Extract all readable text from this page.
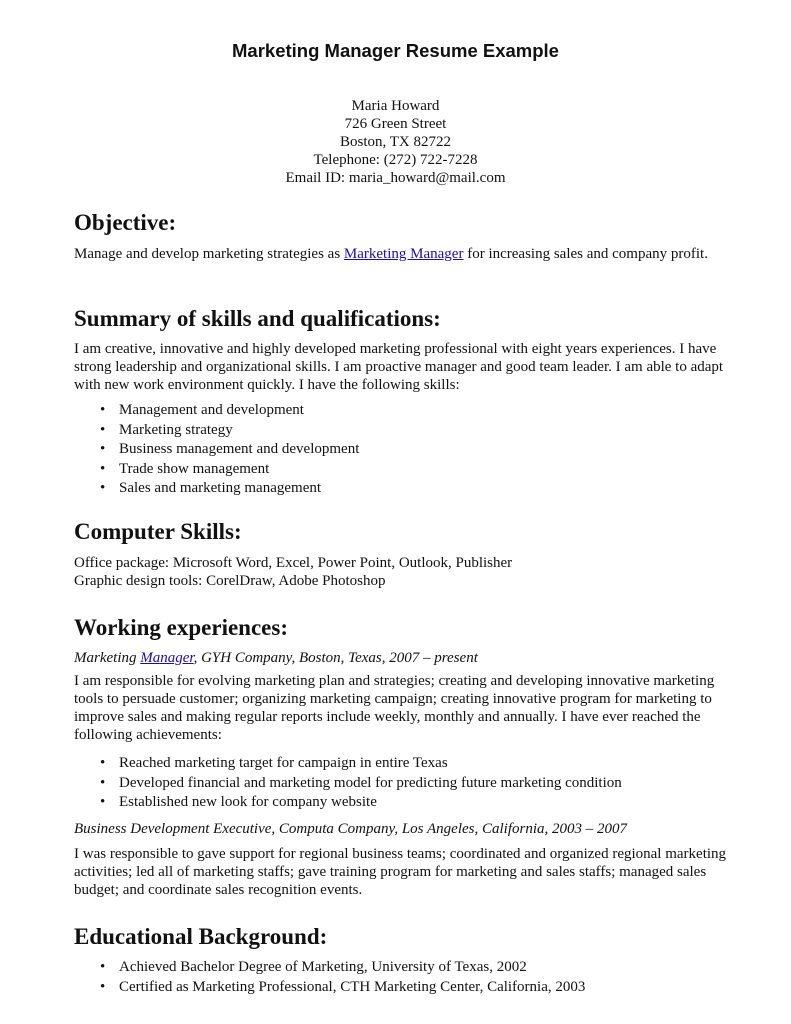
Marketing Manager Resume Example
Maria Howard
726 Green Street
Boston, TX 82722
Telephone: (272) 722-7228
Email ID: maria_howard@mail.com
Objective:

Manage and develop marketing strategies as Marketing Manager for increasing sales and company profit.

Summary of skills and qualifications:

I am creative, innovative and highly developed marketing professional with eight years experiences. I have strong leadership and organizational skills. I am proactive manager and good team leader. I am able to adapt with new work environment quickly. I have the following skills:

• Management and development
• Marketing strategy
• Business management and development
• Trade show management
• Sales and marketing management
Computer Skills:

Office package: Microsoft Word, Excel, Power Point, Outlook, Publisher

Graphic design tools: CorelDraw, Adobe Photoshop

Working experiences:
Marketing Manager, GYH Company, Boston, Texas, 2007 – present

I am responsible for evolving marketing plan and strategies; creating and developing innovative marketing tools to persuade customer; organizing marketing campaign; creating innovative program for marketing to improve sales and making regular reports include weekly, monthly and annually. I have ever reached the following achievements:

• Reached marketing target for campaign in entire Texas
• Developed financial and marketing model for predicting future marketing condition
• Established new look for company website
Business Development Executive, Computa Company, Los Angeles, California, 2003 – 2007

I was responsible to gave support for regional business teams; coordinated and organized regional marketing activities; led all of marketing staffs; gave training program for marketing and sales staffs; managed sales budget; and coordinate sales recognition events.

Educational Background:
• Achieved Bachelor Degree of Marketing, University of Texas, 2002
• Certified as Marketing Professional, CTH Marketing Center, California, 2003
